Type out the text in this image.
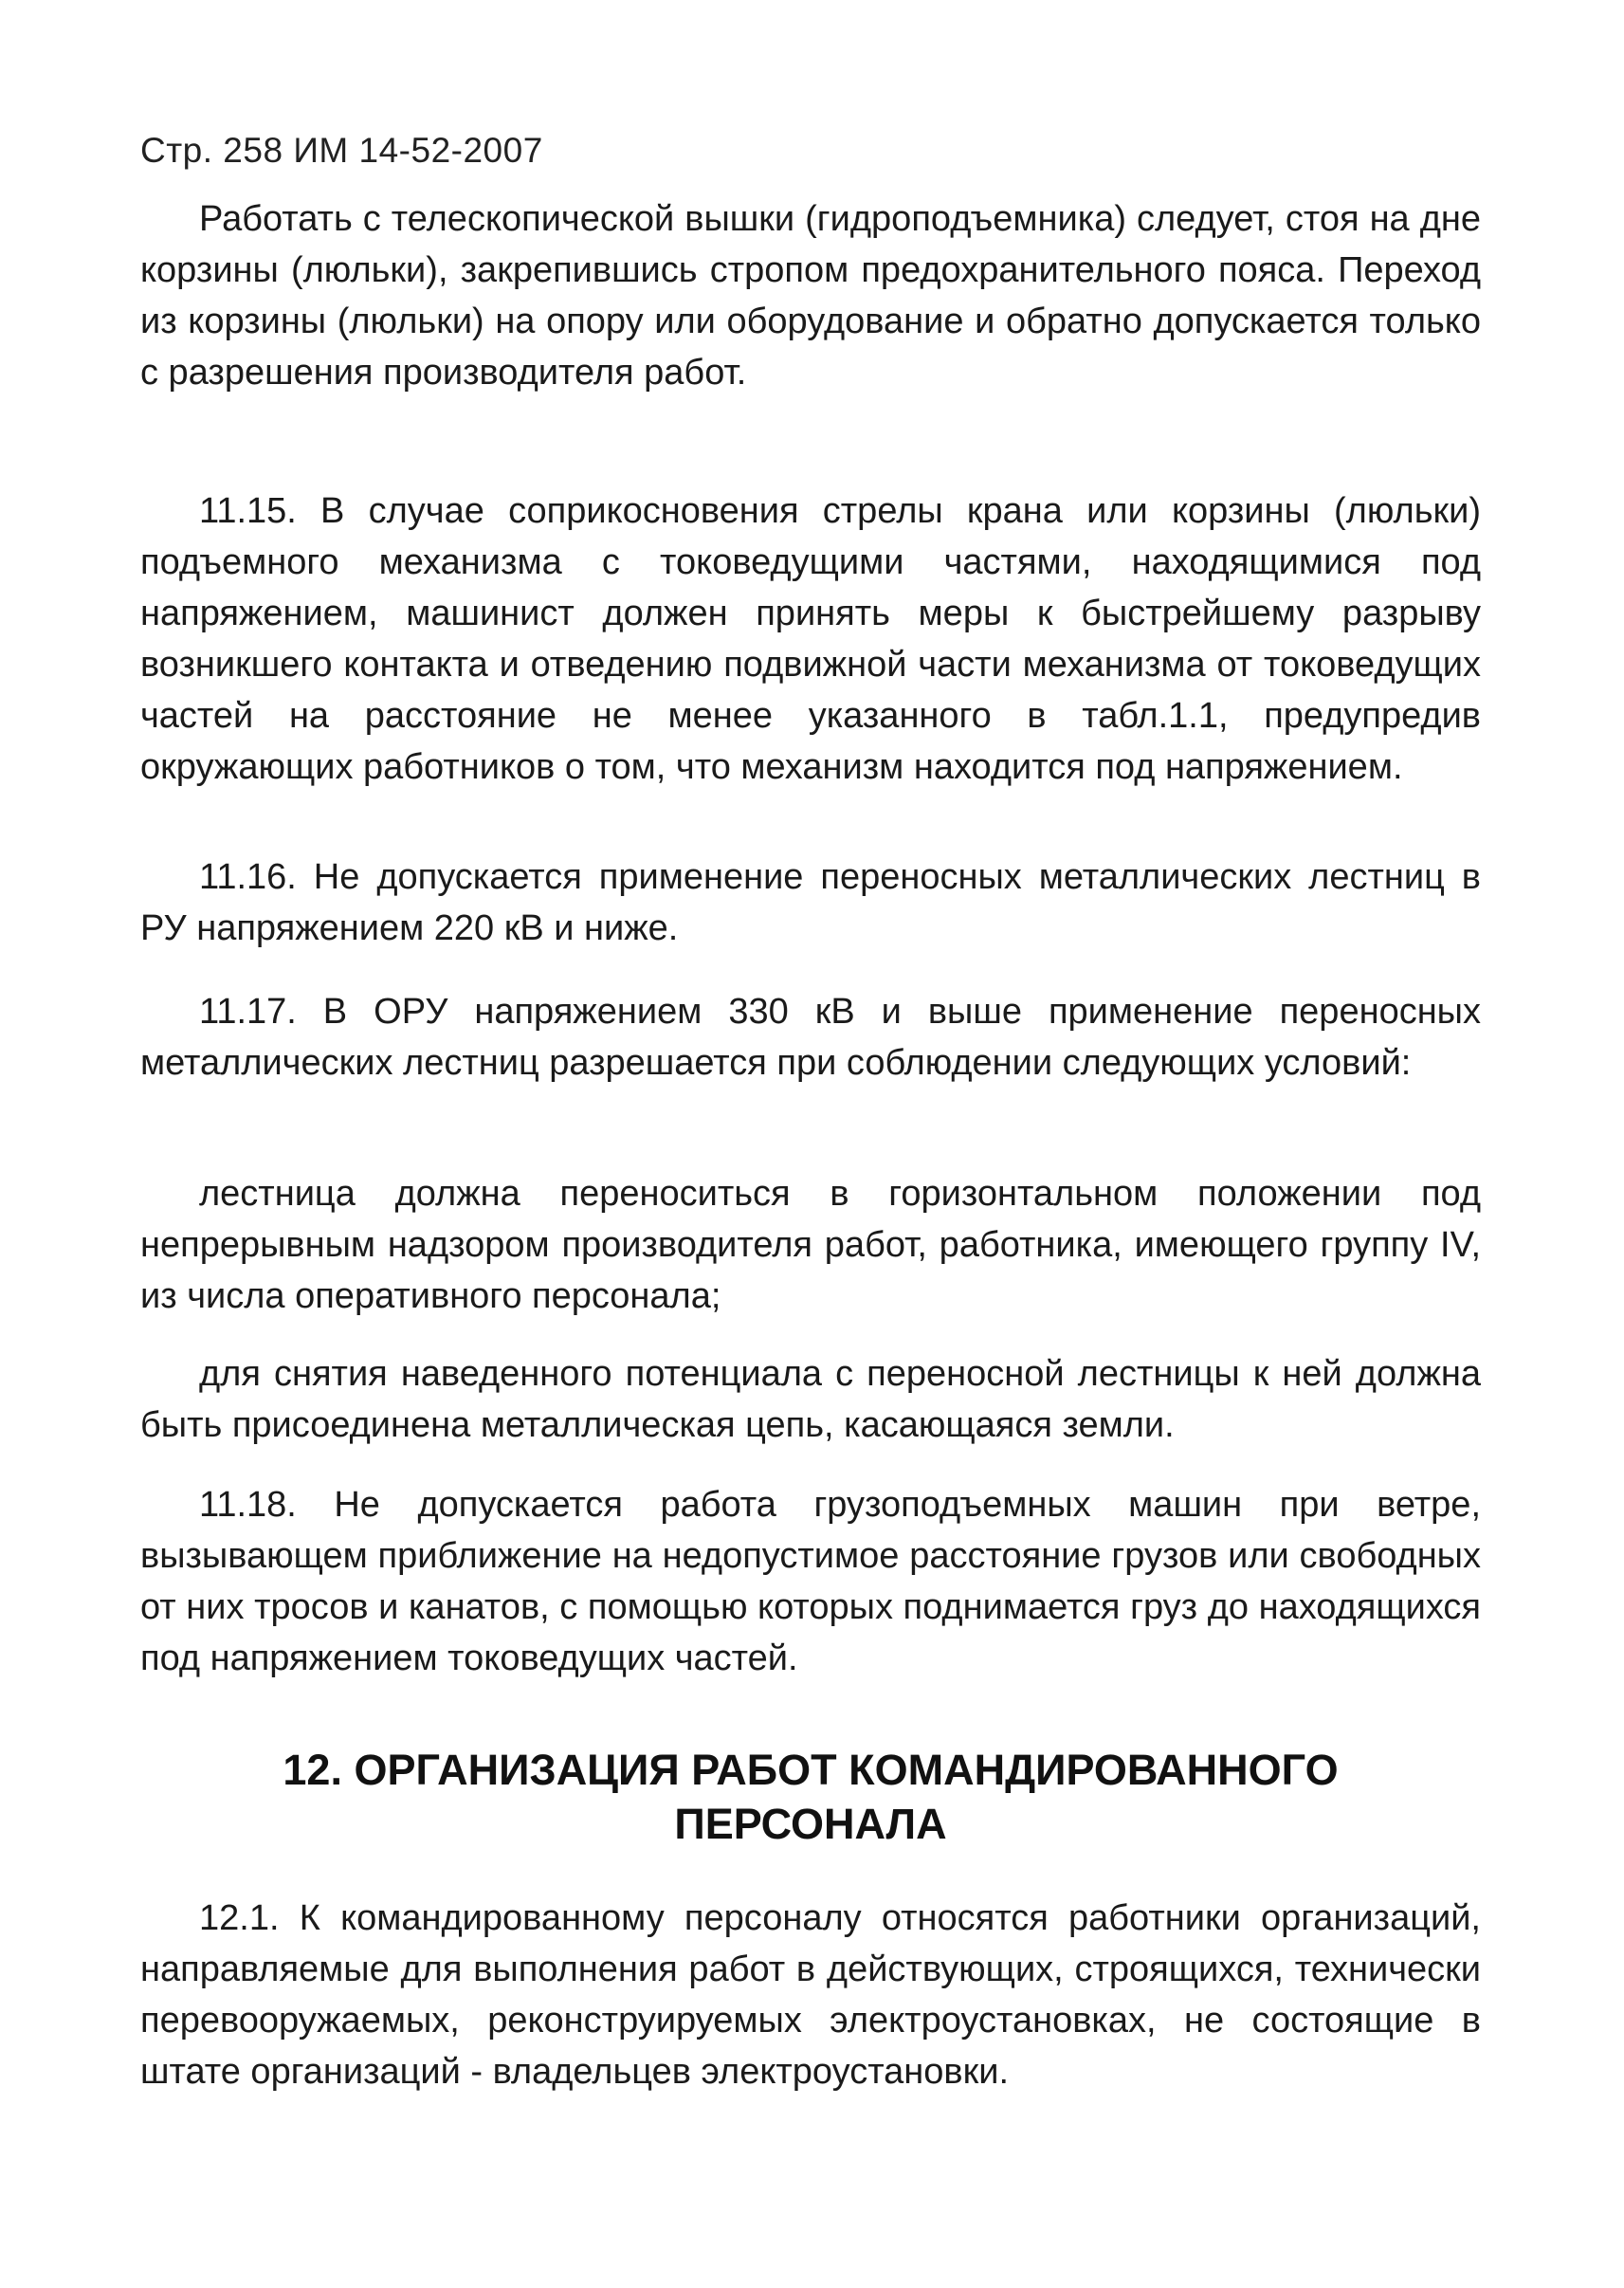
Стр. 258 ИМ 14-52-2007

Работать с телескопической вышки (гидроподъемника) следует, стоя на дне корзины (люльки), закрепившись стропом предохранительного пояса. Переход из корзины (люльки) на опору или оборудование и обратно допускается только с разрешения производителя работ.

11.15. В случае соприкосновения стрелы крана или корзины (люльки) подъемного механизма с токоведущими частями, находящимися под напряжением, машинист должен принять меры к быстрейшему разрыву возникшего контакта и отведению подвижной части механизма от токоведущих частей на расстояние не менее указанного в табл.1.1, предупредив окружающих работников о том, что механизм находится под напряжением.

11.16. Не допускается применение переносных металлических лестниц в РУ напряжением 220 кВ и ниже.

11.17. В ОРУ напряжением 330 кВ и выше применение переносных металлических лестниц разрешается при соблюдении следующих условий:

лестница должна переноситься в горизонтальном положении под непрерывным надзором производителя работ, работника, имеющего группу IV, из числа оперативного персонала;

для снятия наведенного потенциала с переносной лестницы к ней должна быть присоединена металлическая цепь, касающаяся земли.

11.18. Не допускается работа грузоподъемных машин при ветре, вызывающем приближение на недопустимое расстояние грузов или свободных от них тросов и канатов, с помощью которых поднимается груз до находящихся под напряжением токоведущих частей.

12. ОРГАНИЗАЦИЯ РАБОТ КОМАНДИРОВАННОГО
ПЕРСОНАЛА

12.1. К командированному персоналу относятся работники организаций, направляемые для выполнения работ в действующих, строящихся, технически перевооружаемых, реконструируемых электроустановках, не состоящие в штате организаций - владельцев электроустановки.
